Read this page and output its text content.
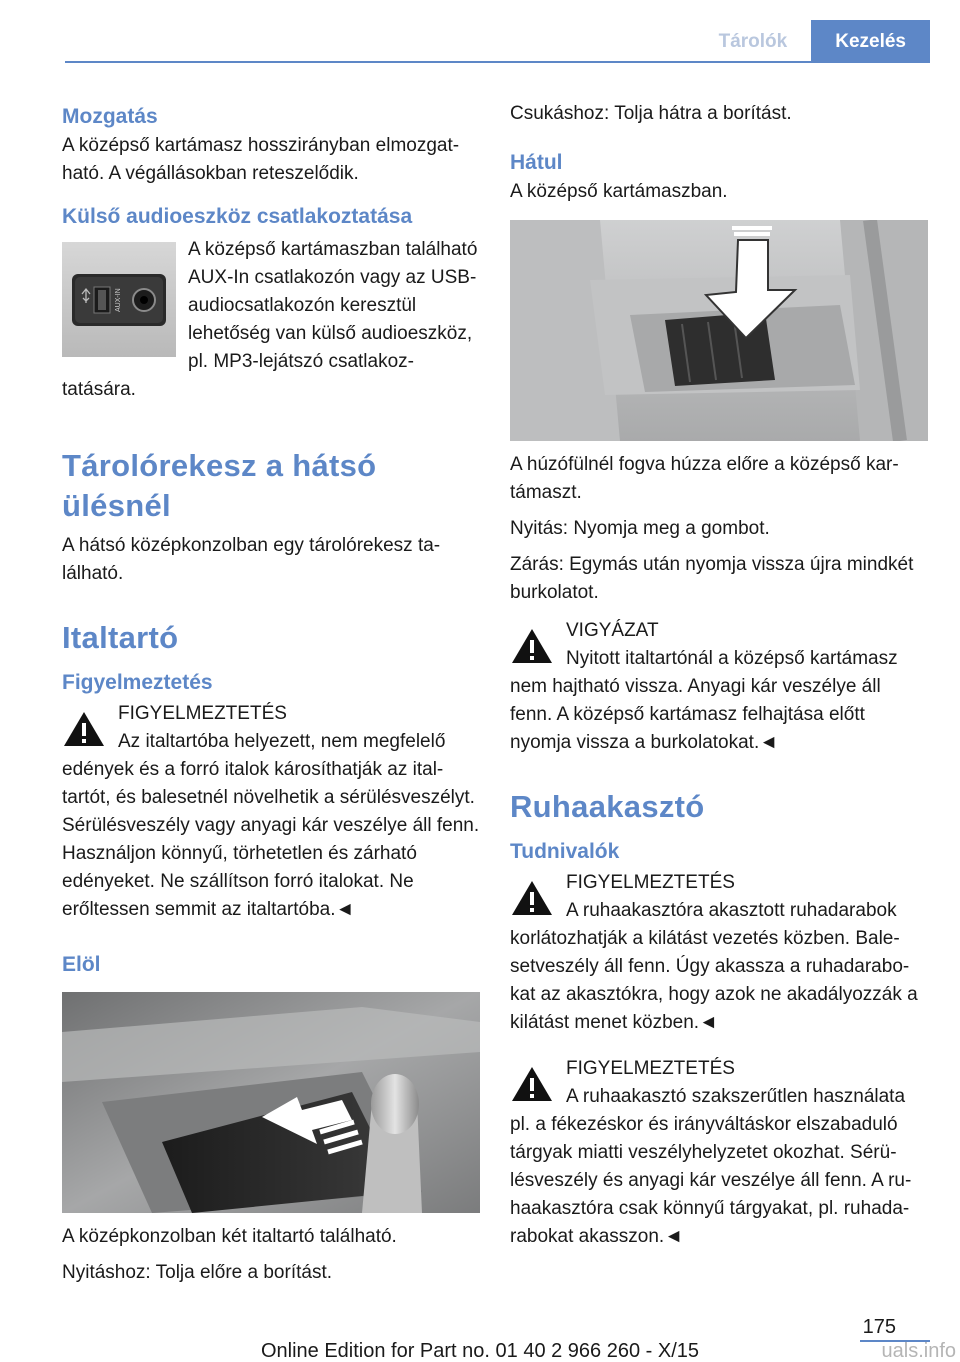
Tárolók	Kezelés
Mozgatás

A középső kartámasz hosszirányban elmozgatható. A végállásokban reteszelődik.

Külső audioeszköz csatlakoztatása
AUX-IN

A középső kartámaszban található AUX-In csatlakozón vagy az USB-audiocsatlakozón keresztül lehetőség van külső audioeszköz, pl. MP3-lejátszó csatlakoztatására.

Tárolórekesz a hátsó ülésnél

A hátsó középkonzolban egy tárolórekesz található.

Italtartó
Figyelmeztetés
FIGYELMEZTETÉS
Az italtartóba helyezett, nem megfelelő edények és a forró italok károsíthatják az italtartót, és balesetnél növelhetik a sérülésveszélyt. Sérülésveszély vagy anyagi kár veszélye áll fenn. Használjon könnyű, törhetetlen és zárható edényeket. Ne szállítson forró italokat. Ne erőltessen semmit az italtartóba.◄
Elöl

A középkonzolban két italtartó található.

Nyitáshoz: Tolja előre a borítást.

Csukáshoz: Tolja hátra a borítást.

Hátul

A középső kartámaszban.

A húzófülnél fogva húzza előre a középső kartámaszt.

Nyitás: Nyomja meg a gombot.

Zárás: Egymás után nyomja vissza újra mindkét burkolatot.

VIGYÁZAT
Nyitott italtartónál a középső kartámasz nem hajtható vissza. Anyagi kár veszélye áll fenn. A középső kartámasz felhajtása előtt nyomja vissza a burkolatokat.◄
Ruhaakasztó
Tudnivalók
FIGYELMEZTETÉS
A ruhaakasztóra akasztott ruhadarabok korlátozhatják a kilátást vezetés közben. Balesetveszély áll fenn. Úgy akassza a ruhadarabokat az akasztókra, hogy azok ne akadályozzák a kilátást menet közben.◄
FIGYELMEZTETÉS
A ruhaakasztó szakszerűtlen használata pl. a fékezéskor és irányváltáskor elszabaduló tárgyak miatti veszélyhelyzetet okozhat. Sérülésveszély és anyagi kár veszélye áll fenn. A ruhaakasztóra csak könnyű tárgyakat, pl. ruhadarabokat akasszon.◄
175
Online Edition for Part no. 01 40 2 966 260 - X/15	uals.info
